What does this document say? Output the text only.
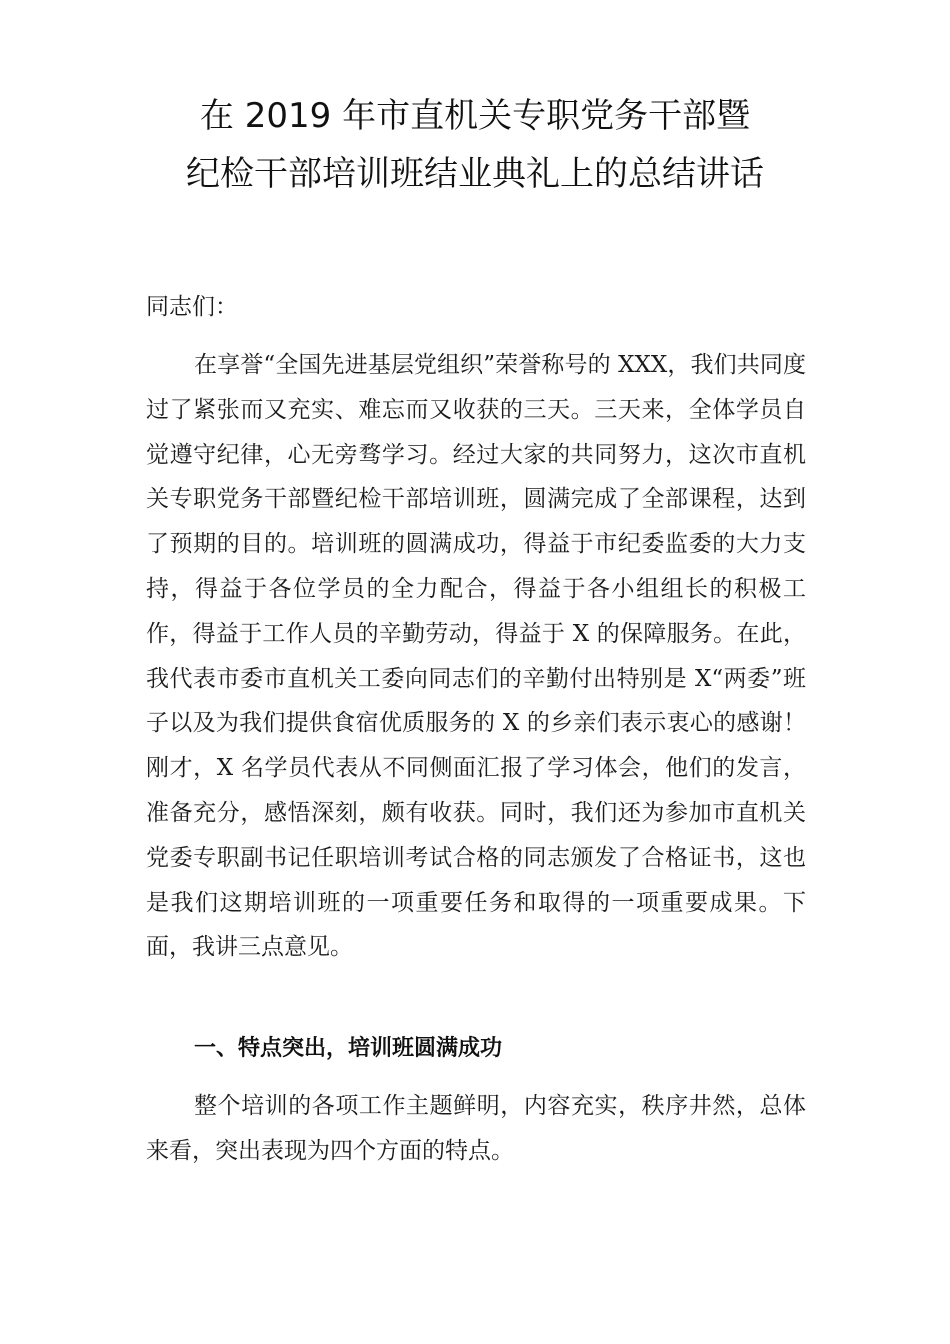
在 2019 年市直机关专职党务干部暨
纪检干部培训班结业典礼上的总结讲话
同志们：

在享誉“全国先进基层党组织”荣誉称号的 XXX，我们共同度过了紧张而又充实、难忘而又收获的三天。三天来，全体学员自觉遵守纪律，心无旁骛学习。经过大家的共同努力，这次市直机关专职党务干部暨纪检干部培训班，圆满完成了全部课程，达到了预期的目的。培训班的圆满成功，得益于市纪委监委的大力支持，得益于各位学员的全力配合，得益于各小组组长的积极工作，得益于工作人员的辛勤劳动，得益于 X 的保障服务。在此，我代表市委市直机关工委向同志们的辛勤付出特别是 X“两委”班子以及为我们提供食宿优质服务的 X 的乡亲们表示衷心的感谢！刚才，X 名学员代表从不同侧面汇报了学习体会，他们的发言，准备充分，感悟深刻，颇有收获。同时，我们还为参加市直机关党委专职副书记任职培训考试合格的同志颁发了合格证书，这也是我们这期培训班的一项重要任务和取得的一项重要成果。下面，我讲三点意见。

一、特点突出，培训班圆满成功

整个培训的各项工作主题鲜明，内容充实，秩序井然，总体来看，突出表现为四个方面的特点。
